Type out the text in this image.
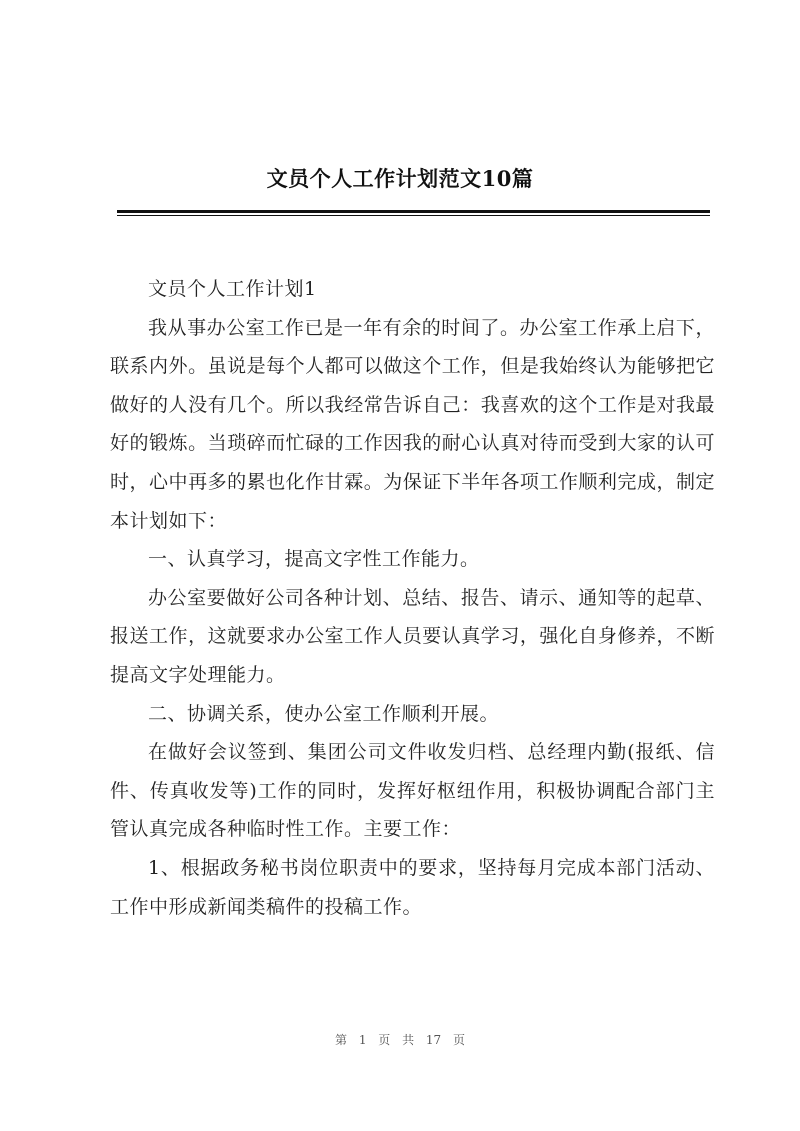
文员个人工作计划范文10篇

文员个人工作计划1

我从事办公室工作已是一年有余的时间了。办公室工作承上启下，联系内外。虽说是每个人都可以做这个工作，但是我始终认为能够把它做好的人没有几个。所以我经常告诉自己：我喜欢的这个工作是对我最好的锻炼。当琐碎而忙碌的工作因我的耐心认真对待而受到大家的认可时，心中再多的累也化作甘霖。为保证下半年各项工作顺利完成，制定本计划如下：

一、认真学习，提高文字性工作能力。

办公室要做好公司各种计划、总结、报告、请示、通知等的起草、报送工作，这就要求办公室工作人员要认真学习，强化自身修养，不断提高文字处理能力。

二、协调关系，使办公室工作顺利开展。

在做好会议签到、集团公司文件收发归档、总经理内勤(报纸、信件、传真收发等)工作的同时，发挥好枢纽作用，积极协调配合部门主管认真完成各种临时性工作。主要工作：

1、根据政务秘书岗位职责中的要求，坚持每月完成本部门活动、工作中形成新闻类稿件的投稿工作。

第 1 页 共 17 页
